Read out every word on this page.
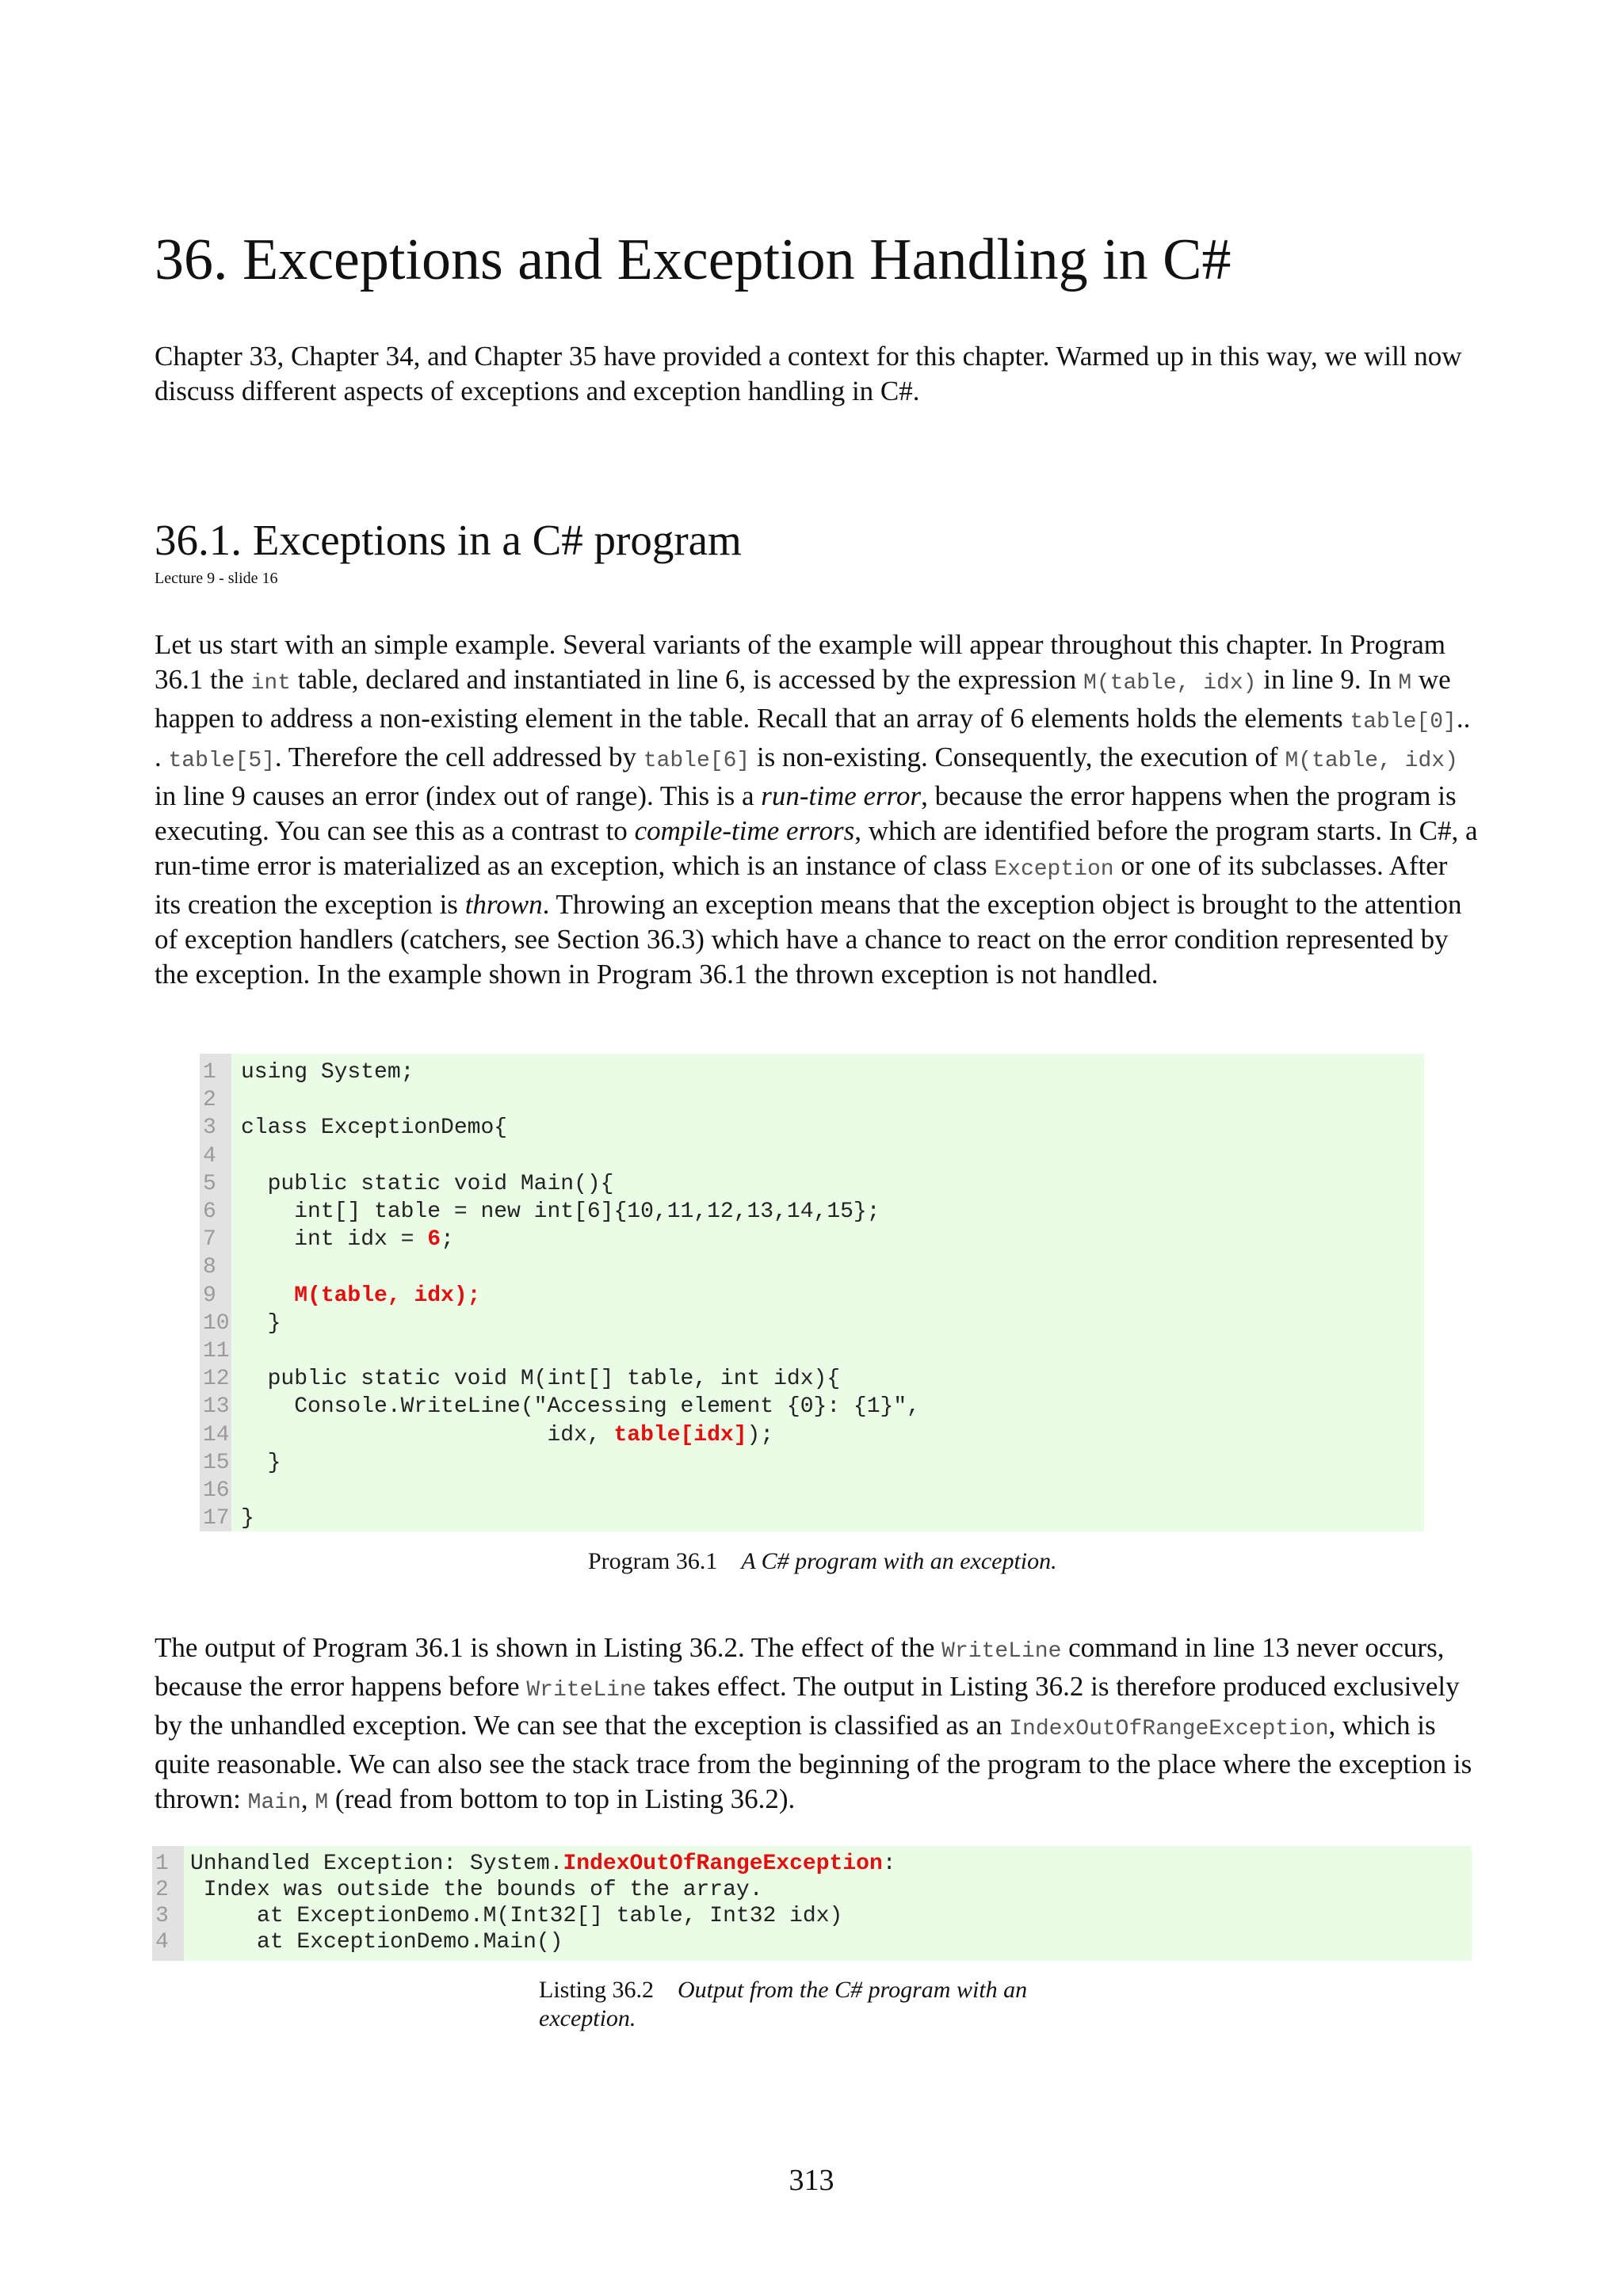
36. Exceptions and Exception Handling in C#

Chapter 33, Chapter 34, and Chapter 35 have provided a context for this chapter. Warmed up in this way, we will now discuss different aspects of exceptions and exception handling in C#.

36.1. Exceptions in a C# program
Lecture 9 - slide 16

Let us start with an simple example. Several variants of the example will appear throughout this chapter. In Program 36.1 the int table, declared and instantiated in line 6, is accessed by the expression M(table, idx) in line 9. In M we happen to address a non-existing element in the table. Recall that an array of 6 elements holds the elements table[0].. . table[5]. Therefore the cell addressed by table[6] is non-existing. Consequently, the execution of M(table, idx) in line 9 causes an error (index out of range). This is a run-time error, because the error happens when the program is executing. You can see this as a contrast to compile-time errors, which are identified before the program starts. In C#, a run-time error is materialized as an exception, which is an instance of class Exception or one of its subclasses. After its creation the exception is thrown. Throwing an exception means that the exception object is brought to the attention of exception handlers (catchers, see Section 36.3) which have a chance to react on the error condition represented by the exception. In the example shown in Program 36.1 the thrown exception is not handled.

1 using System;
2
3 class ExceptionDemo{
4
5 public static void Main(){
6 int[] table = new int[6]{10,11,12,13,14,15};
7 int idx = 6;
8
9	M(table, idx);
10 }
11
12 public static void M(int[] table, int idx){
13 Console.WriteLine("Accessing element {0}: {1}",
14 idx, table[idx]);
15 }
16
17 }
Program 36.1 A C# program with an exception.

The output of Program 36.1 is shown in Listing 36.2. The effect of the WriteLine command in line 13 never occurs, because the error happens before WriteLine takes effect. The output in Listing 36.2 is therefore produced exclusively by the unhandled exception. We can see that the exception is classified as an IndexOutOfRangeException, which is quite reasonable. We can also see the stack trace from the beginning of the program to the place where the exception is thrown: Main, M (read from bottom to top in Listing 36.2).

1 Unhandled Exception: System.IndexOutOfRangeException:
2 Index was outside the bounds of the array.
3 at ExceptionDemo.M(Int32[] table, Int32 idx)
4 at ExceptionDemo.Main()
Listing 36.2 Output from the C# program with an
exception.
313
